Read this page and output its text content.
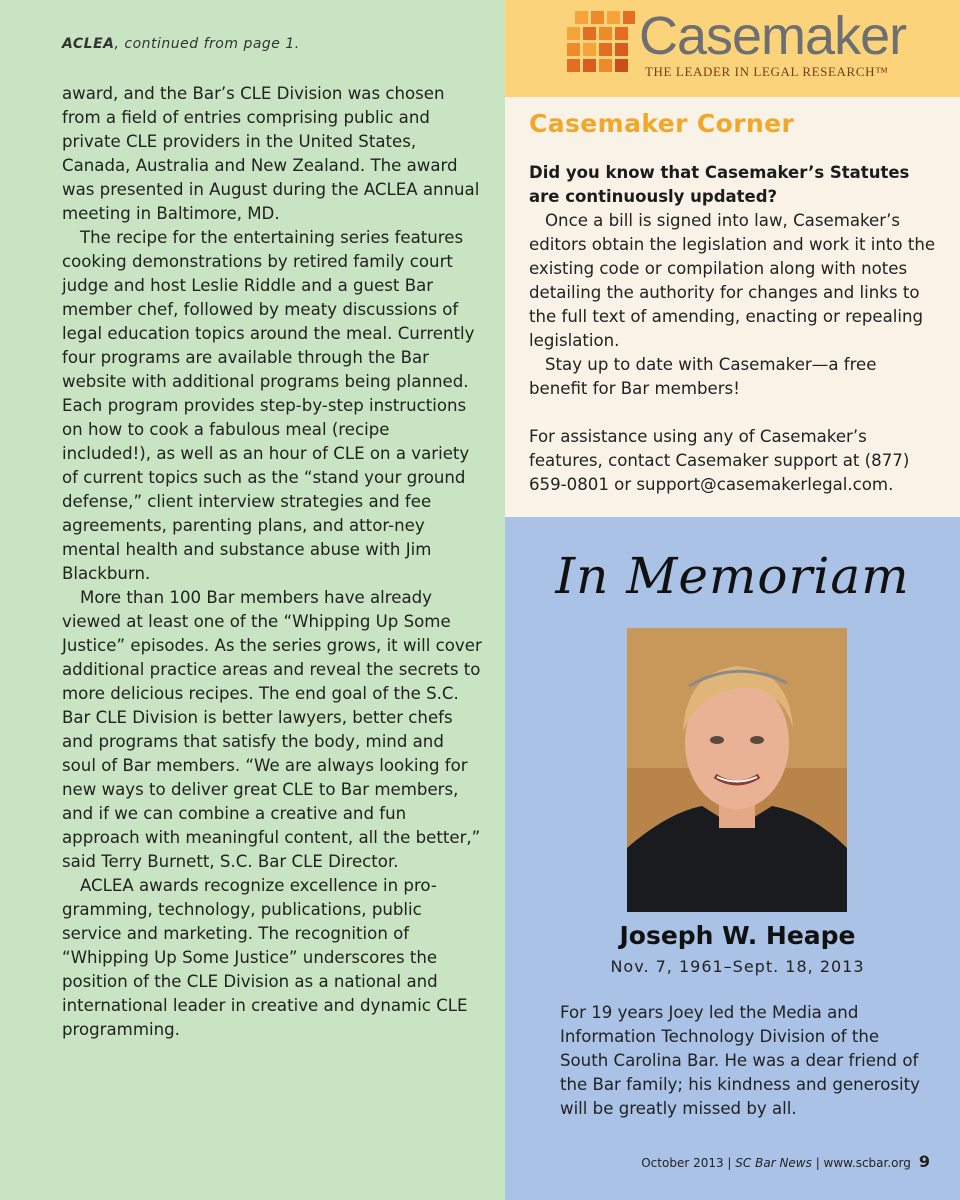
ACLEA, continued from page 1.

award, and the Bar’s CLE Division was chosen from a field of entries comprising public and private CLE providers in the United States, Canada, Australia and New Zealand. The award was presented in August during the ACLEA annual meeting in Baltimore, MD.

The recipe for the entertaining series features cooking demonstrations by retired family court judge and host Leslie Riddle and a guest Bar member chef, followed by meaty discussions of legal education topics around the meal. Currently four programs are available through the Bar website with additional programs being planned. Each program provides step-by-step instructions on how to cook a fabulous meal (recipe included!), as well as an hour of CLE on a variety of current topics such as the “stand your ground defense,” client interview strategies and fee agreements, parenting plans, and attor-ney mental health and substance abuse with Jim Blackburn.

More than 100 Bar members have already viewed at least one of the “Whipping Up Some Justice” episodes. As the series grows, it will cover additional practice areas and reveal the secrets to more delicious recipes. The end goal of the S.C. Bar CLE Division is better lawyers, better chefs and programs that satisfy the body, mind and soul of Bar members. “We are always looking for new ways to deliver great CLE to Bar members, and if we can combine a creative and fun approach with meaningful content, all the better,” said Terry Burnett, S.C. Bar CLE Director.

ACLEA awards recognize excellence in pro-gramming, technology, publications, public service and marketing. The recognition of “Whipping Up Some Justice” underscores the position of the CLE Division as a national and international leader in creative and dynamic CLE programming.

Casemaker
THE LEADER IN LEGAL RESEARCH™
Casemaker Corner
Did you know that Casemaker’s Statutes are continuously updated?

Once a bill is signed into law, Casemaker’s editors obtain the legislation and work it into the existing code or compilation along with notes detailing the authority for changes and links to the full text of amending, enacting or repealing legislation.

Stay up to date with Casemaker—a free benefit for Bar members!

For assistance using any of Casemaker’s features, contact Casemaker support at (877) 659-0801 or support@casemakerlegal.com.
In Memoriam
Joseph W. Heape
Nov. 7, 1961–Sept. 18, 2013
For 19 years Joey led the Media and Information Technology Division of the South Carolina Bar. He was a dear friend of the Bar family; his kindness and generosity will be greatly missed by all.
October 2013 | SC Bar News | www.scbar.org 9
